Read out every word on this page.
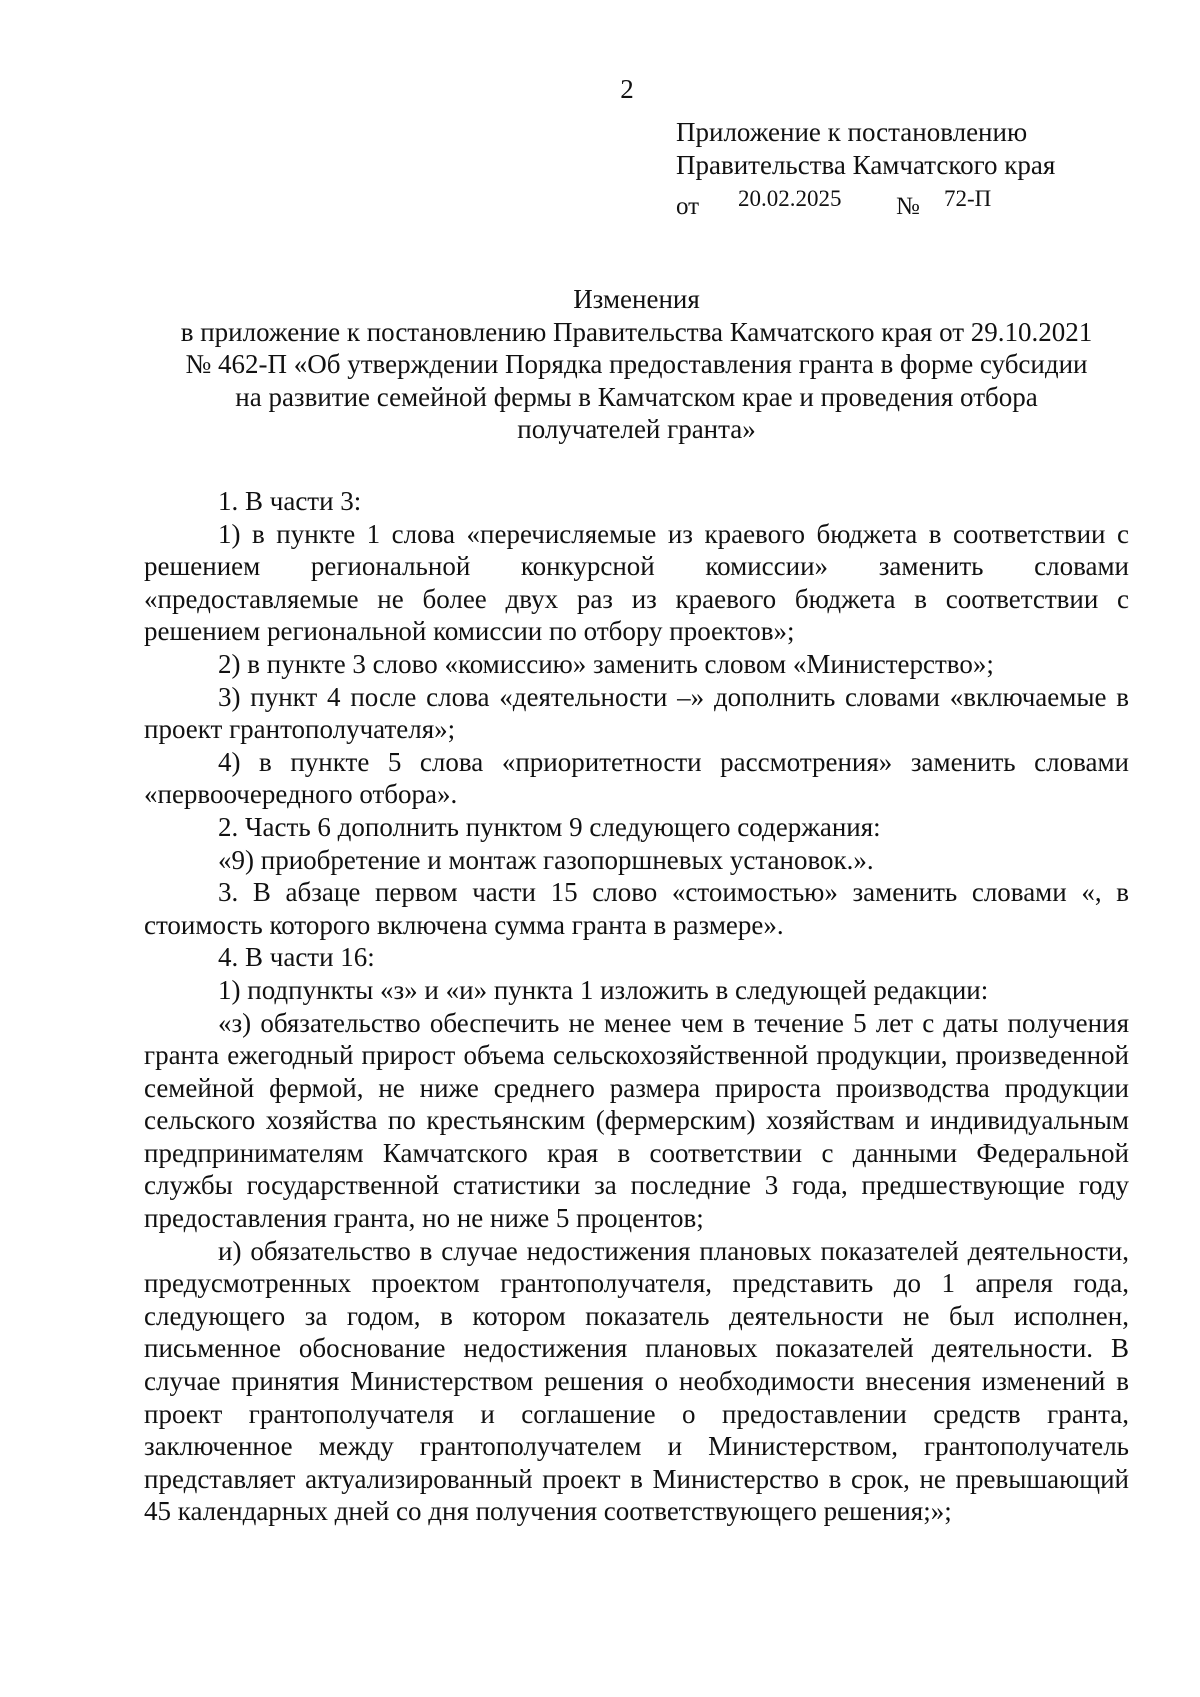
2
Приложение к постановлению
Правительства Камчатского края
от 20.02.2025 № 72-П
Изменения
в приложение к постановлению Правительства Камчатского края от 29.10.2021
№ 462-П «Об утверждении Порядка предоставления гранта в форме субсидии
на развитие семейной фермы в Камчатском крае и проведения отбора
получателей гранта»

1. В части 3:

1) в пункте 1 слова «перечисляемые из краевого бюджета в соответствии с решением региональной конкурсной комиссии» заменить словами «предоставляемые не более двух раз из краевого бюджета в соответствии с решением региональной комиссии по отбору проектов»;

2) в пункте 3 слово «комиссию» заменить словом «Министерство»;

3) пункт 4 после слова «деятельности –» дополнить словами «включаемые в проект грантополучателя»;

4) в пункте 5 слова «приоритетности рассмотрения» заменить словами «первоочередного отбора».

2. Часть 6 дополнить пунктом 9 следующего содержания:

«9) приобретение и монтаж газопоршневых установок.».

3. В абзаце первом части 15 слово «стоимостью» заменить словами «, в стоимость которого включена сумма гранта в размере».

4. В части 16:

1) подпункты «з» и «и» пункта 1 изложить в следующей редакции:

«з) обязательство обеспечить не менее чем в течение 5 лет с даты получения гранта ежегодный прирост объема сельскохозяйственной продукции, произведенной семейной фермой, не ниже среднего размера прироста производства продукции сельского хозяйства по крестьянским (фермерским) хозяйствам и индивидуальным предпринимателям Камчатского края в соответствии с данными Федеральной службы государственной статистики за последние 3 года, предшествующие году предоставления гранта, но не ниже 5 процентов;

и) обязательство в случае недостижения плановых показателей деятельности, предусмотренных проектом грантополучателя, представить до 1 апреля года, следующего за годом, в котором показатель деятельности не был исполнен, письменное обоснование недостижения плановых показателей деятельности. В случае принятия Министерством решения о необходимости внесения изменений в проект грантополучателя и соглашение о предоставлении средств гранта, заключенное между грантополучателем и Министерством, грантополучатель представляет актуализированный проект в Министерство в срок, не превышающий 45 календарных дней со дня получения соответствующего решения;»;
